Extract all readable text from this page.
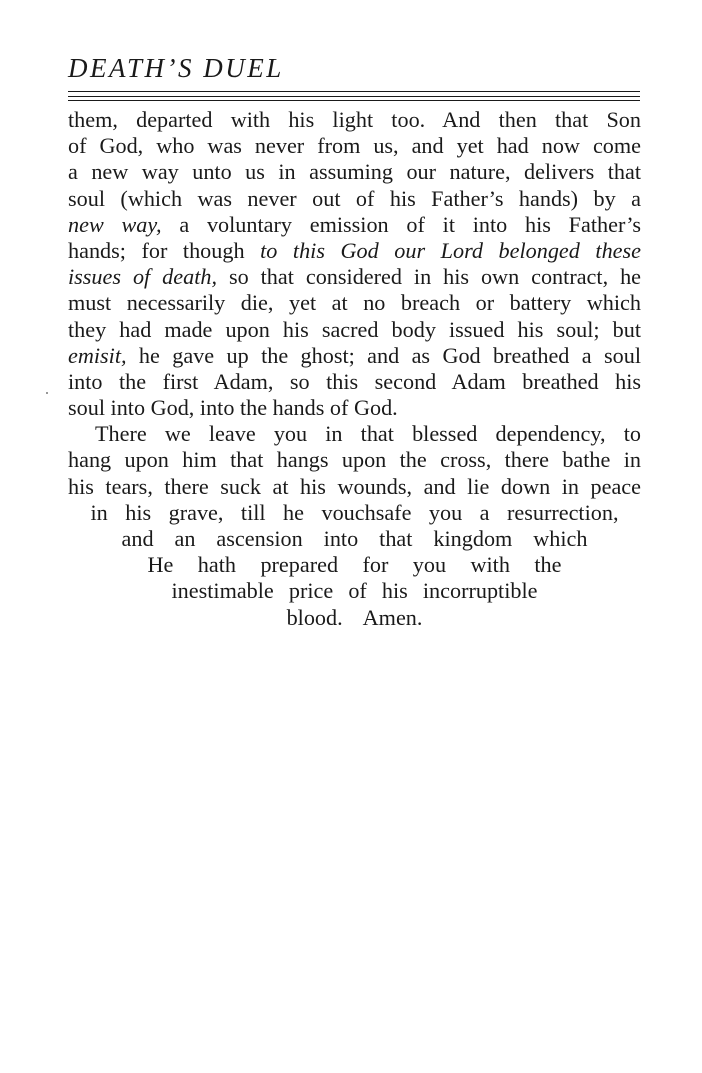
DEATH’S DUEL
them, departed with his light too. And then that Son
of God, who was never from us, and yet had now come
a new way unto us in assuming our nature, delivers that
soul (which was never out of his Father’s hands) by a
new way, a voluntary emission of it into his Father’s
hands; for though to this God our Lord belonged these
issues of death, so that considered in his own contract, he
must necessarily die, yet at no breach or battery which
they had made upon his sacred body issued his soul; but
emisit, he gave up the ghost; and as God breathed a soul
into the first Adam, so this second Adam breathed his
soul into God, into the hands of God.
There we leave you in that blessed dependency, to
hang upon him that hangs upon the cross, there bathe in
his tears, there suck at his wounds, and lie down in peace
in his grave, till he vouchsafe you a resurrection,
and an ascension into that kingdom which
He hath prepared for you with the
inestimable price of his incorruptible
blood. Amen.
